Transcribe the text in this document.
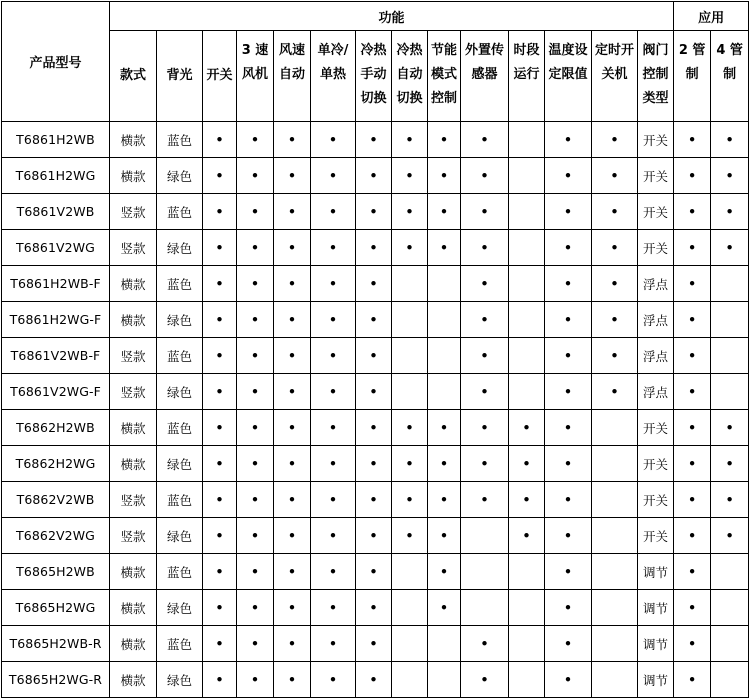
产品型号	功能														应用	
	款式	背光	开关	3 速风机	风速自动	单冷/单热	冷热手动切换	冷热自动切换	节能模式控制	外置传感器	时段运行	温度设定限值	定时开关机	阀门控制类型	2 管制	4 管制
T6861H2WB	横款	蓝色	•	•	•	•	•	•	•	•		•	•	开关	•	•
T6861H2WG	横款	绿色	•	•	•	•	•	•	•	•		•	•	开关	•	•
T6861V2WB	竖款	蓝色	•	•	•	•	•	•	•	•		•	•	开关	•	•
T6861V2WG	竖款	绿色	•	•	•	•	•	•	•	•		•	•	开关	•	•
T6861H2WB-F	横款	蓝色	•	•	•	•	•			•		•	•	浮点	•	
T6861H2WG-F	横款	绿色	•	•	•	•	•			•		•	•	浮点	•	
T6861V2WB-F	竖款	蓝色	•	•	•	•	•			•		•	•	浮点	•	
T6861V2WG-F	竖款	绿色	•	•	•	•	•			•		•	•	浮点	•	
T6862H2WB	横款	蓝色	•	•	•	•	•	•	•	•	•	•		开关	•	•
T6862H2WG	横款	绿色	•	•	•	•	•	•	•	•	•	•		开关	•	•
T6862V2WB	竖款	蓝色	•	•	•	•	•	•	•	•	•	•		开关	•	•
T6862V2WG	竖款	绿色	•	•	•	•	•	•	•		•	•		开关	•	•
T6865H2WB	横款	蓝色	•	•	•	•	•		•			•		调节	•	
T6865H2WG	横款	绿色	•	•	•	•	•		•			•		调节	•	
T6865H2WB-R	横款	蓝色	•	•	•	•	•			•		•		调节	•	
T6865H2WG-R	横款	绿色	•	•	•	•	•			•		•		调节	•	
